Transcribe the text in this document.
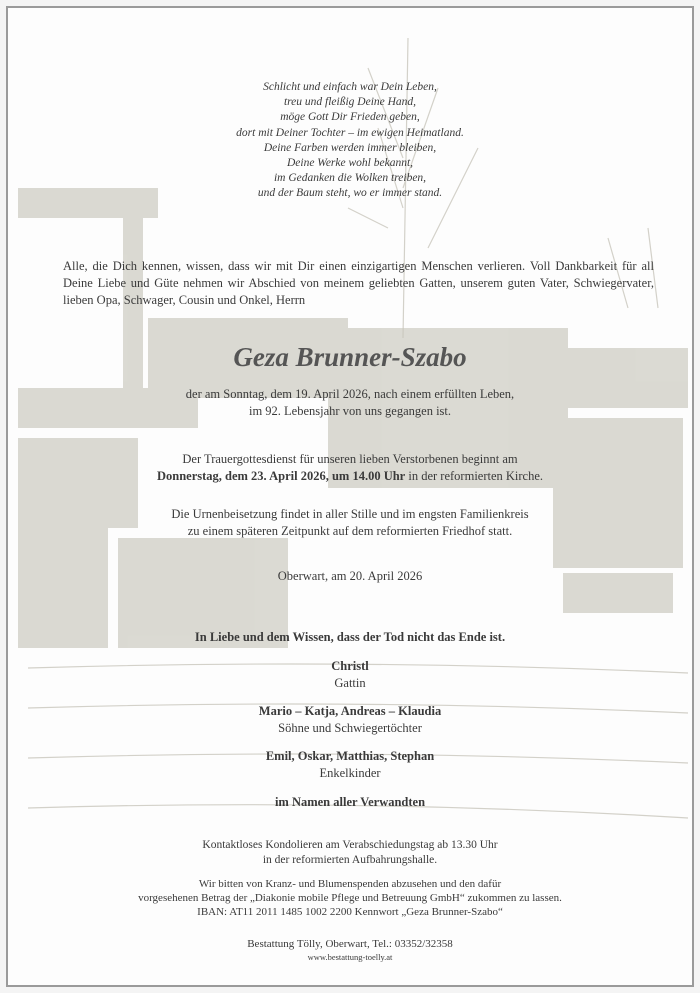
Schlicht und einfach war Dein Leben,
treu und fleißig Deine Hand,
möge Gott Dir Frieden geben,
dort mit Deiner Tochter – im ewigen Heimatland.
Deine Farben werden immer bleiben,
Deine Werke wohl bekannt,
im Gedanken die Wolken treiben,
und der Baum steht, wo er immer stand.
Alle, die Dich kennen, wissen, dass wir mit Dir einen einzigartigen Menschen verlieren. Voll Dankbarkeit für all Deine Liebe und Güte nehmen wir Abschied von meinem geliebten Gatten, unserem guten Vater, Schwiegervater, lieben Opa, Schwager, Cousin und Onkel, Herrn
Geza Brunner-Szabo
der am Sonntag, dem 19. April 2026, nach einem erfüllten Leben,
im 92. Lebensjahr von uns gegangen ist.
Der Trauergottesdienst für unseren lieben Verstorbenen beginnt am
Donnerstag, dem 23. April 2026, um 14.00 Uhr in der reformierten Kirche.
Die Urnenbeisetzung findet in aller Stille und im engsten Familienkreis
zu einem späteren Zeitpunkt auf dem reformierten Friedhof statt.
Oberwart, am 20. April 2026
In Liebe und dem Wissen, dass der Tod nicht das Ende ist.
Christl
Gattin
Mario – Katja, Andreas – Klaudia
Söhne und Schwiegertöchter
Emil, Oskar, Matthias, Stephan
Enkelkinder
im Namen aller Verwandten
Kontaktloses Kondolieren am Verabschiedungstag ab 13.30 Uhr
in der reformierten Aufbahrungshalle.
Wir bitten von Kranz- und Blumenspenden abzusehen und den dafür
vorgesehenen Betrag der „Diakonie mobile Pflege und Betreuung GmbH“ zukommen zu lassen.
IBAN: AT11 2011 1485 1002 2200 Kennwort „Geza Brunner-Szabo“
Bestattung Tölly, Oberwart, Tel.: 03352/32358
www.bestattung-toelly.at
